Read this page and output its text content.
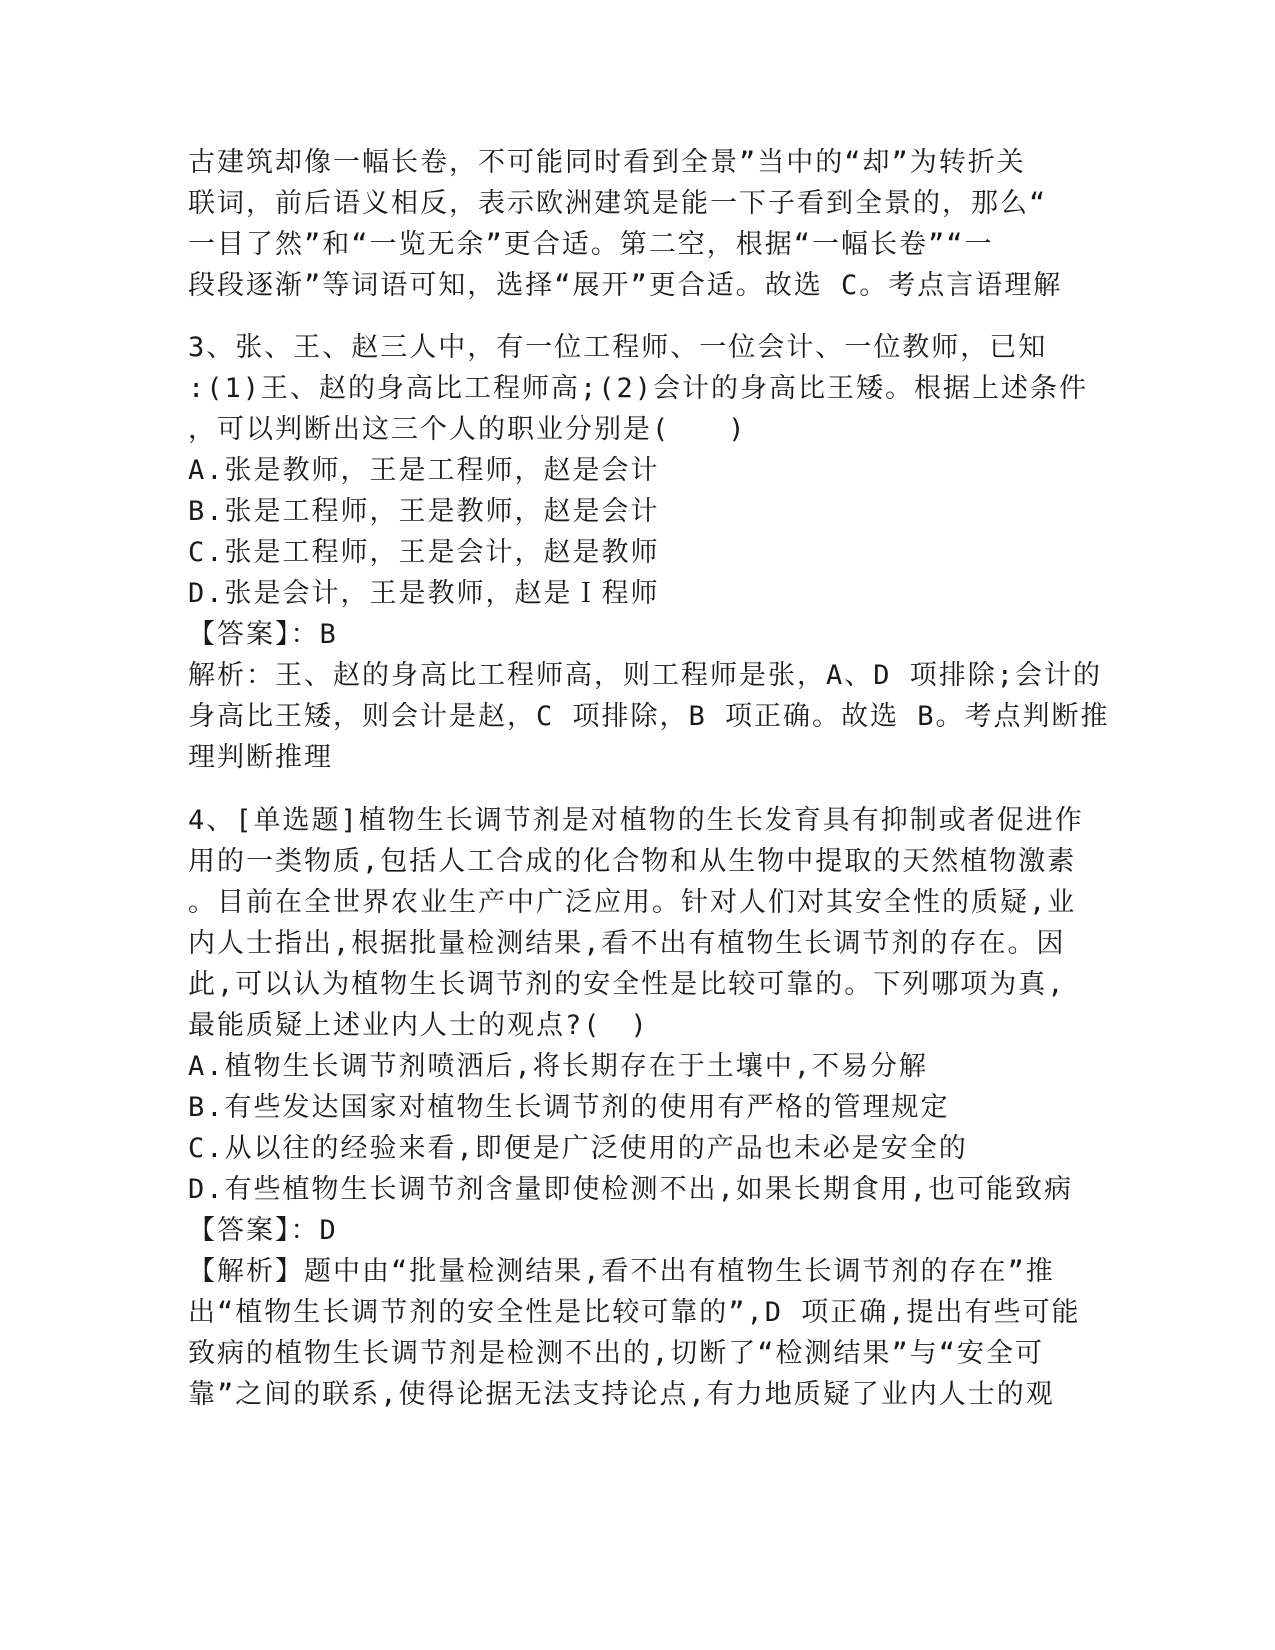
古建筑却像一幅长卷，不可能同时看到全景”当中的“却”为转折关
联词，前后语义相反，表示欧洲建筑是能一下子看到全景的，那么“
一目了然”和“一览无余”更合适。第二空，根据“一幅长卷”“一
段段逐渐”等词语可知，选择“展开”更合适。故选 C。考点言语理解
3、张、王、赵三人中，有一位工程师、一位会计、一位教师，已知
:(1)王、赵的身高比工程师高;(2)会计的身高比王矮。根据上述条件
，可以判断出这三个人的职业分别是(　　)
A.张是教师，王是工程师，赵是会计
B.张是工程师，王是教师，赵是会计
C.张是工程师，王是会计，赵是教师
D.张是会计，王是教师，赵是Ｉ程师
【答案】：B
解析：王、赵的身高比工程师高，则工程师是张，A、D 项排除;会计的
身高比王矮，则会计是赵，C 项排除，B 项正确。故选 B。考点判断推
理判断推理
4、[单选题]植物生长调节剂是对植物的生长发育具有抑制或者促进作
用的一类物质,包括人工合成的化合物和从生物中提取的天然植物激素
。目前在全世界农业生产中广泛应用。针对人们对其安全性的质疑,业
内人士指出,根据批量检测结果,看不出有植物生长调节剂的存在。因
此,可以认为植物生长调节剂的安全性是比较可靠的。下列哪项为真,
最能质疑上述业内人士的观点?(　)
A.植物生长调节剂喷洒后,将长期存在于土壤中,不易分解
B.有些发达国家对植物生长调节剂的使用有严格的管理规定
C.从以往的经验来看,即便是广泛使用的产品也未必是安全的
D.有些植物生长调节剂含量即使检测不出,如果长期食用,也可能致病
【答案】：D
【解析】题中由“批量检测结果,看不出有植物生长调节剂的存在”推
出“植物生长调节剂的安全性是比较可靠的”,D 项正确,提出有些可能
致病的植物生长调节剂是检测不出的,切断了“检测结果”与“安全可
靠”之间的联系,使得论据无法支持论点,有力地质疑了业内人士的观
